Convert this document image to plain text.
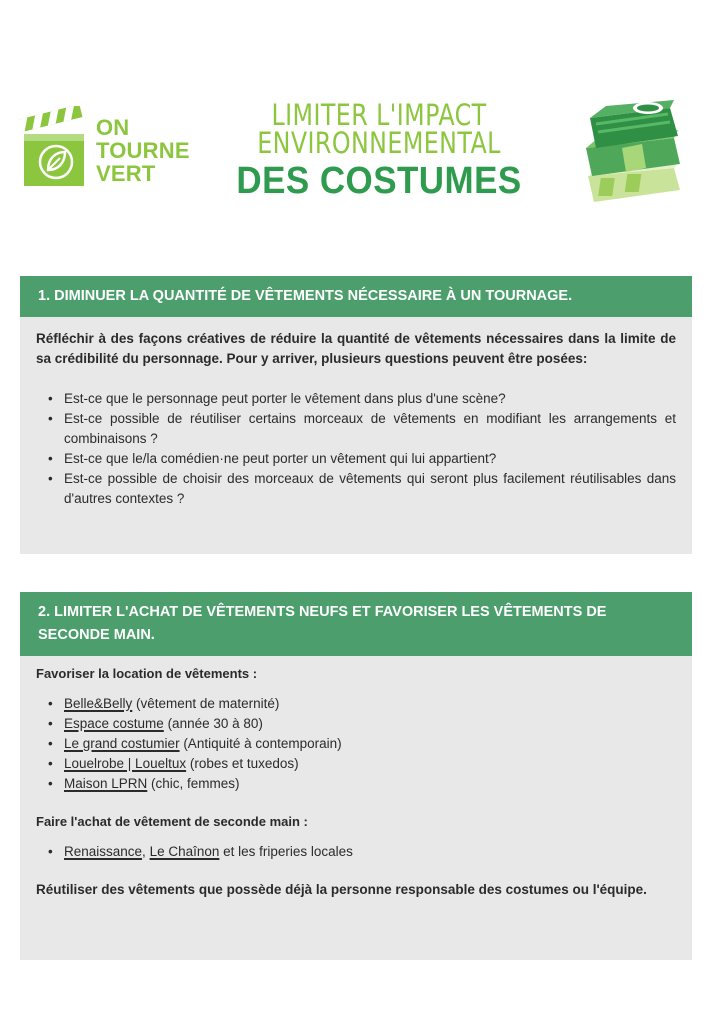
ON
TOURNE
VERT
LIMITER L'IMPACT
ENVIRONNEMENTAL
DES COSTUMES
1. DIMINUER LA QUANTITÉ DE VÊTEMENTS NÉCESSAIRE À UN TOURNAGE.

Réfléchir à des façons créatives de réduire la quantité de vêtements nécessaires dans la limite de sa crédibilité du personnage. Pour y arriver, plusieurs questions peuvent être posées:

• Est-ce que le personnage peut porter le vêtement dans plus d'une scène?
• Est-ce possible de réutiliser certains morceaux de vêtements en modifiant les arrangements et combinaisons ?
• Est-ce que le/la comédien·ne peut porter un vêtement qui lui appartient?
• Est-ce possible de choisir des morceaux de vêtements qui seront plus facilement réutilisables dans d'autres contextes ?
2. LIMITER L'ACHAT DE VÊTEMENTS NEUFS ET FAVORISER LES VÊTEMENTS DE SECONDE MAIN.

Favoriser la location de vêtements :

• Belle&Belly (vêtement de maternité)
• Espace costume (année 30 à 80)
• Le grand costumier (Antiquité à contemporain)
• Louelrobe | Loueltux (robes et tuxedos)
• Maison LPRN (chic, femmes)

Faire l'achat de vêtement de seconde main :

• Renaissance, Le Chaînon et les friperies locales

Réutiliser des vêtements que possède déjà la personne responsable des costumes ou l'équipe.
